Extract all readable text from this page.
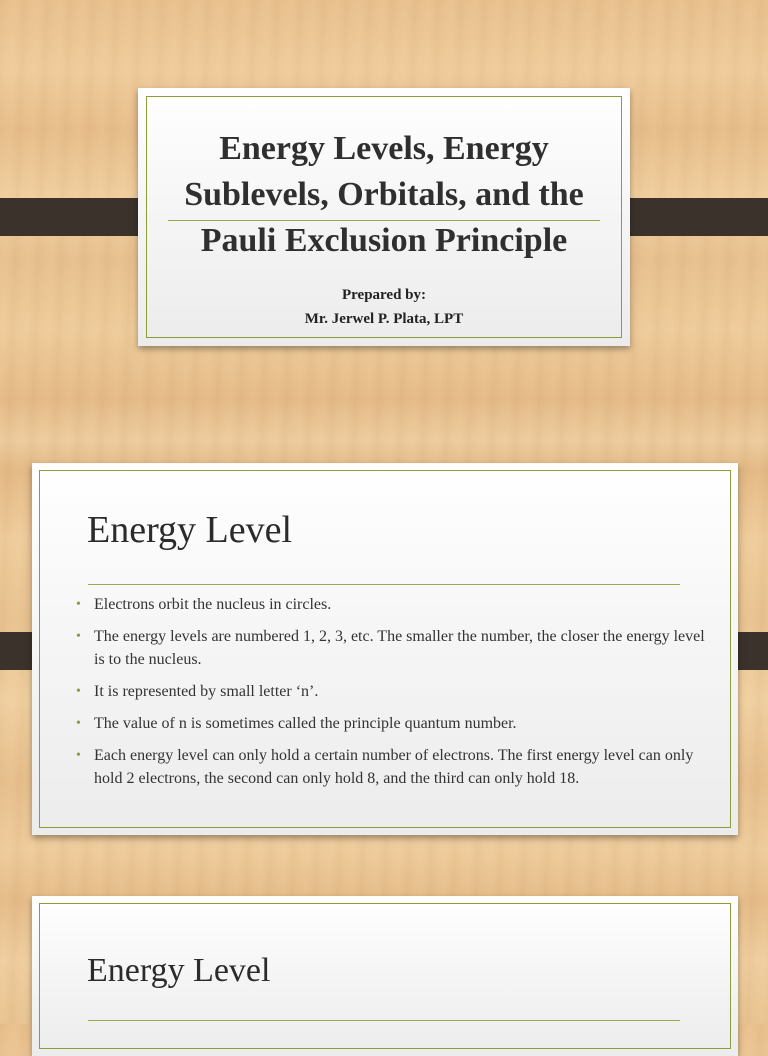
Energy Levels, Energy
Sublevels, Orbitals, and the
Pauli Exclusion Principle
Prepared by:
Mr. Jerwel P. Plata, LPT
Energy Level
• Electrons orbit the nucleus in circles.
• The energy levels are numbered 1, 2, 3, etc. The smaller the number, the closer the energy level is to the nucleus.
• It is represented by small letter ‘n’.
• The value of n is sometimes called the principle quantum number.
• Each energy level can only hold a certain number of electrons. The first energy level can only hold 2 electrons, the second can only hold 8, and the third can only hold 18.
Energy Level
